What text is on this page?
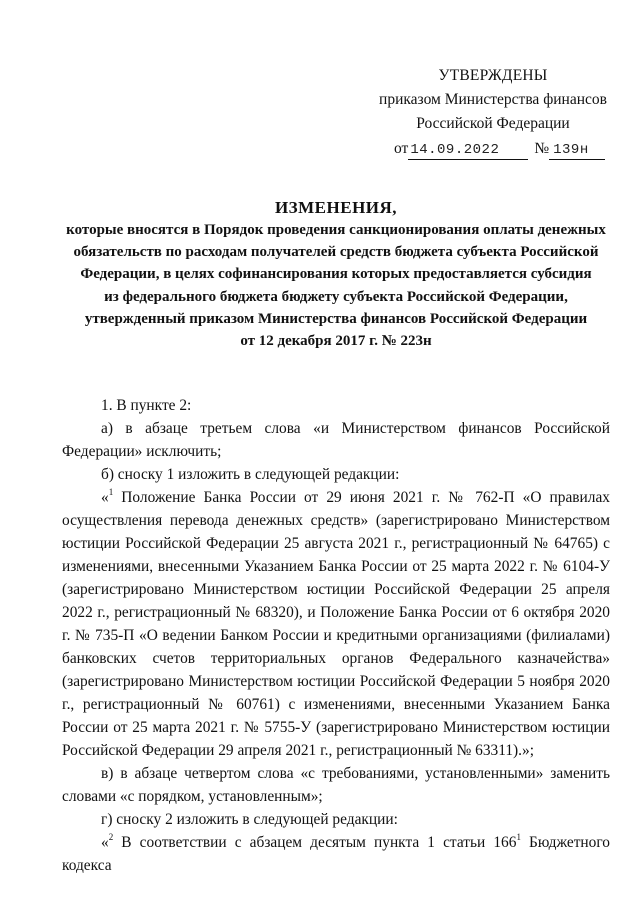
УТВЕРЖДЕНЫ
приказом Министерства финансов
Российской Федерации
от 14.09.2022 № 139н
ИЗМЕНЕНИЯ,
которые вносятся в Порядок проведения санкционирования оплаты денежных
обязательств по расходам получателей средств бюджета субъекта Российской
Федерации, в целях софинансирования которых предоставляется субсидия
из федерального бюджета бюджету субъекта Российской Федерации,
утвержденный приказом Министерства финансов Российской Федерации
от 12 декабря 2017 г. № 223н

1. В пункте 2:

а) в абзаце третьем слова «и Министерством финансов Российской Федерации» исключить;

б) сноску 1 изложить в следующей редакции:

«$^1$ Положение Банка России от 29 июня 2021 г. № 762-П «О правилах осуществления перевода денежных средств» (зарегистрировано Министерством юстиции Российской Федерации 25 августа 2021 г., регистрационный № 64765) с изменениями, внесенными Указанием Банка России от 25 марта 2022 г. № 6104-У (зарегистрировано Министерством юстиции Российской Федерации 25 апреля 2022 г., регистрационный № 68320), и Положение Банка России от 6 октября 2020 г. № 735-П «О ведении Банком России и кредитными организациями (филиалами) банковских счетов территориальных органов Федерального казначейства» (зарегистрировано Министерством юстиции Российской Федерации 5 ноября 2020 г., регистрационный № 60761) с изменениями, внесенными Указанием Банка России от 25 марта 2021 г. № 5755-У (зарегистрировано Министерством юстиции Российской Федерации 29 апреля 2021 г., регистрационный № 63311).»;

в) в абзаце четвертом слова «с требованиями, установленными» заменить словами «с порядком, установленным»;

г) сноску 2 изложить в следующей редакции:

«$^2$ В соответствии с абзацем десятым пункта 1 статьи $166^1$ Бюджетного кодекса
